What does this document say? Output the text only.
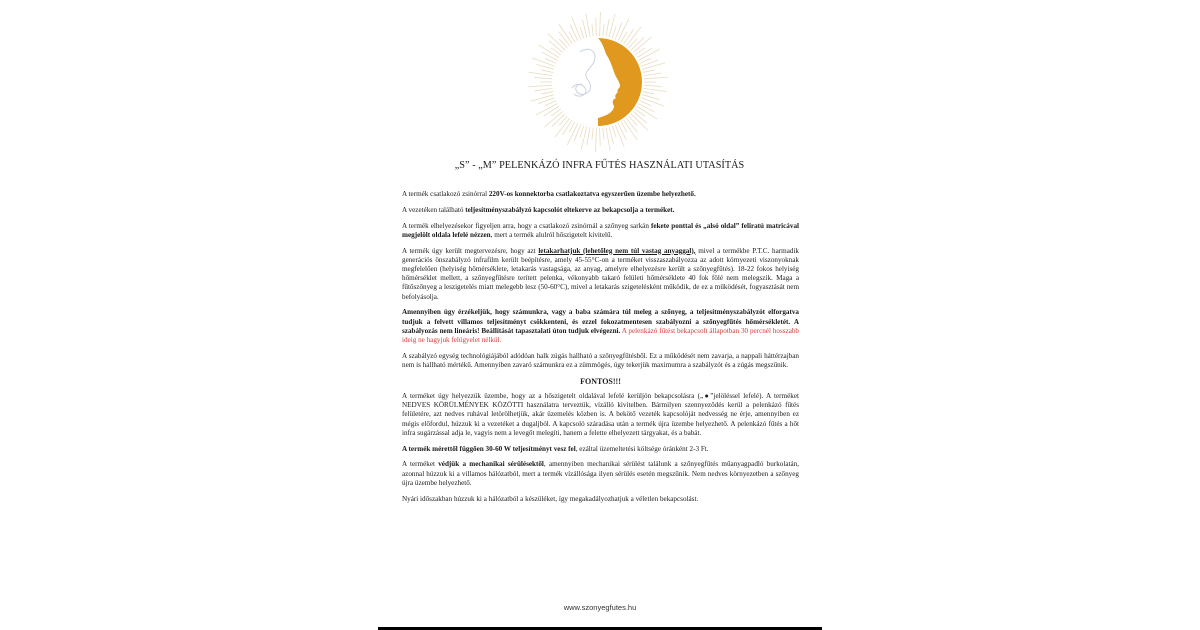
„S” - „M” PELENKÁZÓ INFRA FŰTÉS HASZNÁLATI UTASÍTÁS

A termék csatlakozó zsinórral 220V-os konnektorba csatlakoztatva egyszerűen üzembe helyezhető.

A vezetéken található teljesítményszabályzó kapcsolót eltekerve az bekapcsolja a terméket.

A termék elhelyezésekor figyeljen arra, hogy a csatlakozó zsinórnál a szőnyeg sarkán fekete ponttal és „alsó oldal” feliratú matricával megjelölt oldala lefelé nézzen, mert a termék alulról hőszigetelt kivitelű.

A termék úgy került megtervezésre, hogy azt letakarhatjuk (lehetőleg nem túl vastag anyaggal), mivel a termékbe P.T.C. harmadik generációs önszabályzó infrafilm került beépítésre, amely 45-55°C-on a terméket visszaszabályozza az adott környezeti viszonyoknak megfelelően (helyiség hőmérséklete, letakarás vastagsága, az anyag, amelyre elhelyezésre került a szőnyegfűtés). 18-22 fokos helyiség hőmérséklet mellett, a szőnyegfűtésre terített pelenka, vékonyabb takaró felületi hőmérséklete 40 fok fölé nem melegszik. Maga a fűtőszőnyeg a leszigetelés miatt melegebb lesz (50-60°C), mivel a letakarás szigetelésként működik, de ez a működését, fogyasztását nem befolyásolja.

Amennyiben úgy érzékeljük, hogy számunkra, vagy a baba számára túl meleg a szőnyeg, a teljesítményszabályzót elforgatva tudjuk a felvett villamos teljesítményt csökkenteni, és ezzel fokozatmentesen szabályozni a szőnyegfűtés hőmérsékletét. A szabályozás nem lineáris! Beállítását tapasztalati úton tudjuk elvégezni. A pelenkázó fűtést bekapcsolt állapotban 30 percnél hosszabb ideig ne hagyjuk felügyelet nélkül.

A szabályzó egység technológiájából adódóan halk zúgás hallható a szőnyegfűtésből. Ez a működését nem zavarja, a nappali háttérzajban nem is hallható mértékű. Amennyiben zavaró számunkra ez a zümmögés, úgy tekerjük maximumra a szabályzót és a zúgás megszűnik.

FONTOS!!!

A terméket úgy helyezzük üzembe, hogy az a hőszigetelt oldalával lefelé kerüljön bekapcsolásra („●”jelöléssel lefelé). A terméket NEDVES KÖRÜLMÉNYEK KÖZÖTTI használatra terveztük, vízálló kivitelben. Bármilyen szennyeződés kerül a pelenkázó fűtés felületére, azt nedves ruhával letörölhetjük, akár üzemelés közben is. A bekötő vezeték kapcsolóját nedvesség ne érje, amennyiben ez mégis előfordul, húzzuk ki a vezetéket a dugaljból. A kapcsoló száradása után a termék újra üzembe helyezhető. A pelenkázó fűtés a hőt infra sugárzással adja le, vagyis nem a levegőt melegíti, hanem a felette elhelyezett tárgyakat, és a babát.

A termék mérettől függően 30-60 W teljesítményt vesz fel, ezáltal üzemeltetési költsége óránként 2-3 Ft.

A terméket védjük a mechanikai sérülésektől, amennyiben mechanikai sérülést találunk a szőnyegfűtés műanyagpadló burkolatán, azonnal húzzuk ki a villamos hálózatból, mert a termék vízállósága ilyen sérülés esetén megszűnik. Nem nedves környezetben a szőnyeg újra üzembe helyezhető.

Nyári időszakban húzzuk ki a hálózatból a készüléket, így megakadályozhatjuk a véletlen bekapcsolást.

www.szonyegfutes.hu
